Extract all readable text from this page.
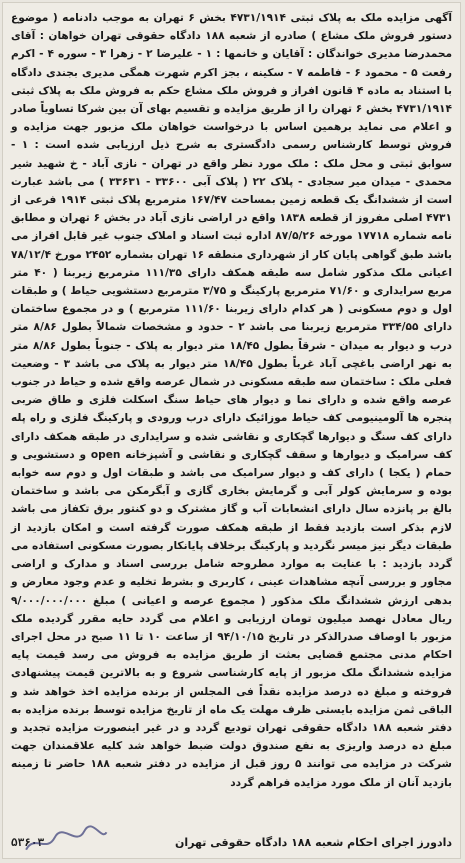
آگهی مزایده ملک به پلاک ثبتی ۴۷۳۱/۱۹۱۴ بخش ۶ تهران به موجب دادنامه ( موضوع دستور فروش ملک مشاع ) صادره از شعبه ۱۸۸ دادگاه حقوقی تهران خواهان : آقای محمدرضا مدیری خواندگان : آقایان و خانمها : ۱ - علیرضا ۲ - زهرا ۳ - سوره ۴ - اکرم رفعت ۵ - محمود ۶ - فاطمه ۷ - سکینه ، بجز اکرم شهرت همگی مدیری بجندی دادگاه با استناد به ماده ۴ قانون افراز و فروش ملک مشاع حکم به فروش ملک به پلاک ثبتی ۴۷۳۱/۱۹۱۴ بخش ۶ تهران را از طریق مزایده و تقسیم بهای آن بین شرکا تساویاً صادر و اعلام می نماید برهمین اساس با درخواست خواهان ملک مزبور جهت مزایده و فروش توسط کارشناس رسمی دادگستری به شرح ذیل ارزیابی شده است : ۱ - سوابق ثبتی و محل ملک : ملک مورد نظر واقع در تهران - نازی آباد - خ شهید شیر محمدی - میدان میر سجادی - پلاک ۲۲ ( پلاک آبی ۳۳۶۰۰ - ۳۳۶۳۱ ) می باشد عبارت است از ششدانگ یک قطعه زمین بمساحت ۱۶۷/۴۷ مترمربع پلاک ثبتی ۱۹۱۴ فرعی از ۴۷۳۱ اصلی مفروز از قطعه ۱۸۳۸ واقع در اراضی نازی آباد در بخش ۶ تهران و مطابق نامه شماره ۱۷۷۱۸ مورخه ۸۷/۵/۲۶ اداره ثبت اسناد و املاک جنوب غیر قابل افراز می باشد طبق گواهی پایان کار از شهرداری منطقه ۱۶ تهران بشماره ۲۴۵۲ مورخ ۷۸/۱۲/۴ اعیانی ملک مذکور شامل سه طبقه همکف دارای ۱۱۱/۳۵ مترمربع زیربنا ( ۴۰ متر مربع سرایداری و ۷۱/۶۰ مترمربع پارکینگ و ۳/۷۵ مترمربع دستشویی حیاط ) و طبقات اول و دوم مسکونی ( هر کدام دارای زیربنا ۱۱۱/۶۰ مترمربع ) و در مجموع ساختمان دارای ۳۳۴/۵۵ مترمربع زیربنا می باشد ۲ - حدود و مشخصات شمالاً بطول ۸/۸۶ متر درب و دیوار به میدان - شرقاً بطول ۱۸/۴۵ متر دیوار به پلاک - جنوباً بطول ۸/۸۶ متر به نهر اراضی باغچی آباد غرباً بطول ۱۸/۴۵ متر دیوار به پلاک می باشد ۳ - وضعیت فعلی ملک : ساختمان سه طبقه مسکونی در شمال عرصه واقع شده و حیاط در جنوب عرصه واقع شده و دارای نما و دیوار های حیاط سنگ اسکلت فلزی و طاق ضربی پنجره ها آلومینیومی کف حیاط موزائیک دارای درب ورودی و پارکینگ فلزی و راه پله دارای کف سنگ و دیوارها گچکاری و نقاشی شده و سرایداری در طبقه همکف دارای کف سرامیک و دیوارها و سقف گچکاری و نقاشی و آشپزخانه open و دستشویی و حمام ( یکجا ) دارای کف و دیوار سرامیک می باشد و طبقات اول و دوم سه خوابه بوده و سرمایش کولر آبی و گرمایش بخاری گازی و آبگرمکن می باشد و ساختمان بالغ بر پانزده سال دارای انشعابات آب و گاز مشترک و دو کنتور برق تکفاز می باشد لازم بذکر است بازدید فقط از طبقه همکف صورت گرفته است و امکان بازدید از طبقات دیگر نیز میسر نگردید و پارکینگ برخلاف پایانکار بصورت مسکونی استفاده می گردد بازدید : با عنایت به موارد مطروحه شامل بررسی اسناد و مدارک و اراضی مجاور و بررسی آنچه مشاهدات عینی ، کاربری و بشرط تخلیه و عدم وجود معارض و بدهی ارزش ششدانگ ملک مذکور ( مجموع عرصه و اعیانی ) مبلغ ۹/۰۰۰/۰۰۰/۰۰۰ ریال معادل نهصد میلیون تومان ارزیابی و اعلام می گردد حایه مقرر گردیده ملک مزبور با اوصاف صدرالذکر در تاریخ ۹۴/۱۰/۱۵ از ساعت ۱۰ تا ۱۱ صبح در محل اجرای احکام مدنی مجتمع قضایی بعثت از طریق مزایده به فروش می رسد قیمت پایه مزایده ششدانگ ملک مزبور از پایه کارشناسی شروع و به بالاترین قیمت پیشنهادی فروخته و مبلغ ده درصد مزایده نقداً فی المجلس از برنده مزایده اخذ خواهد شد و الباقی ثمن مزایده بایستی ظرف مهلت یک ماه از تاریخ مزایده توسط برنده مزایده به دفتر شعبه ۱۸۸ دادگاه حقوقی تهران تودیع گردد و در غیر اینصورت مزایده تجدید و مبلغ ده درصد واریزی به نفع صندوق دولت ضبط خواهد شد کلیه علاقمندان جهت شرکت در مزایده می توانند ۵ روز قبل از مزایده در دفتر شعبه ۱۸۸ حاضر تا زمینه بازدید آنان از ملک مورد مزایده فراهم گردد

دادورز اجرای احکام شعبه ۱۸۸ دادگاه حقوقی تهران
۵۳۶۰۳
